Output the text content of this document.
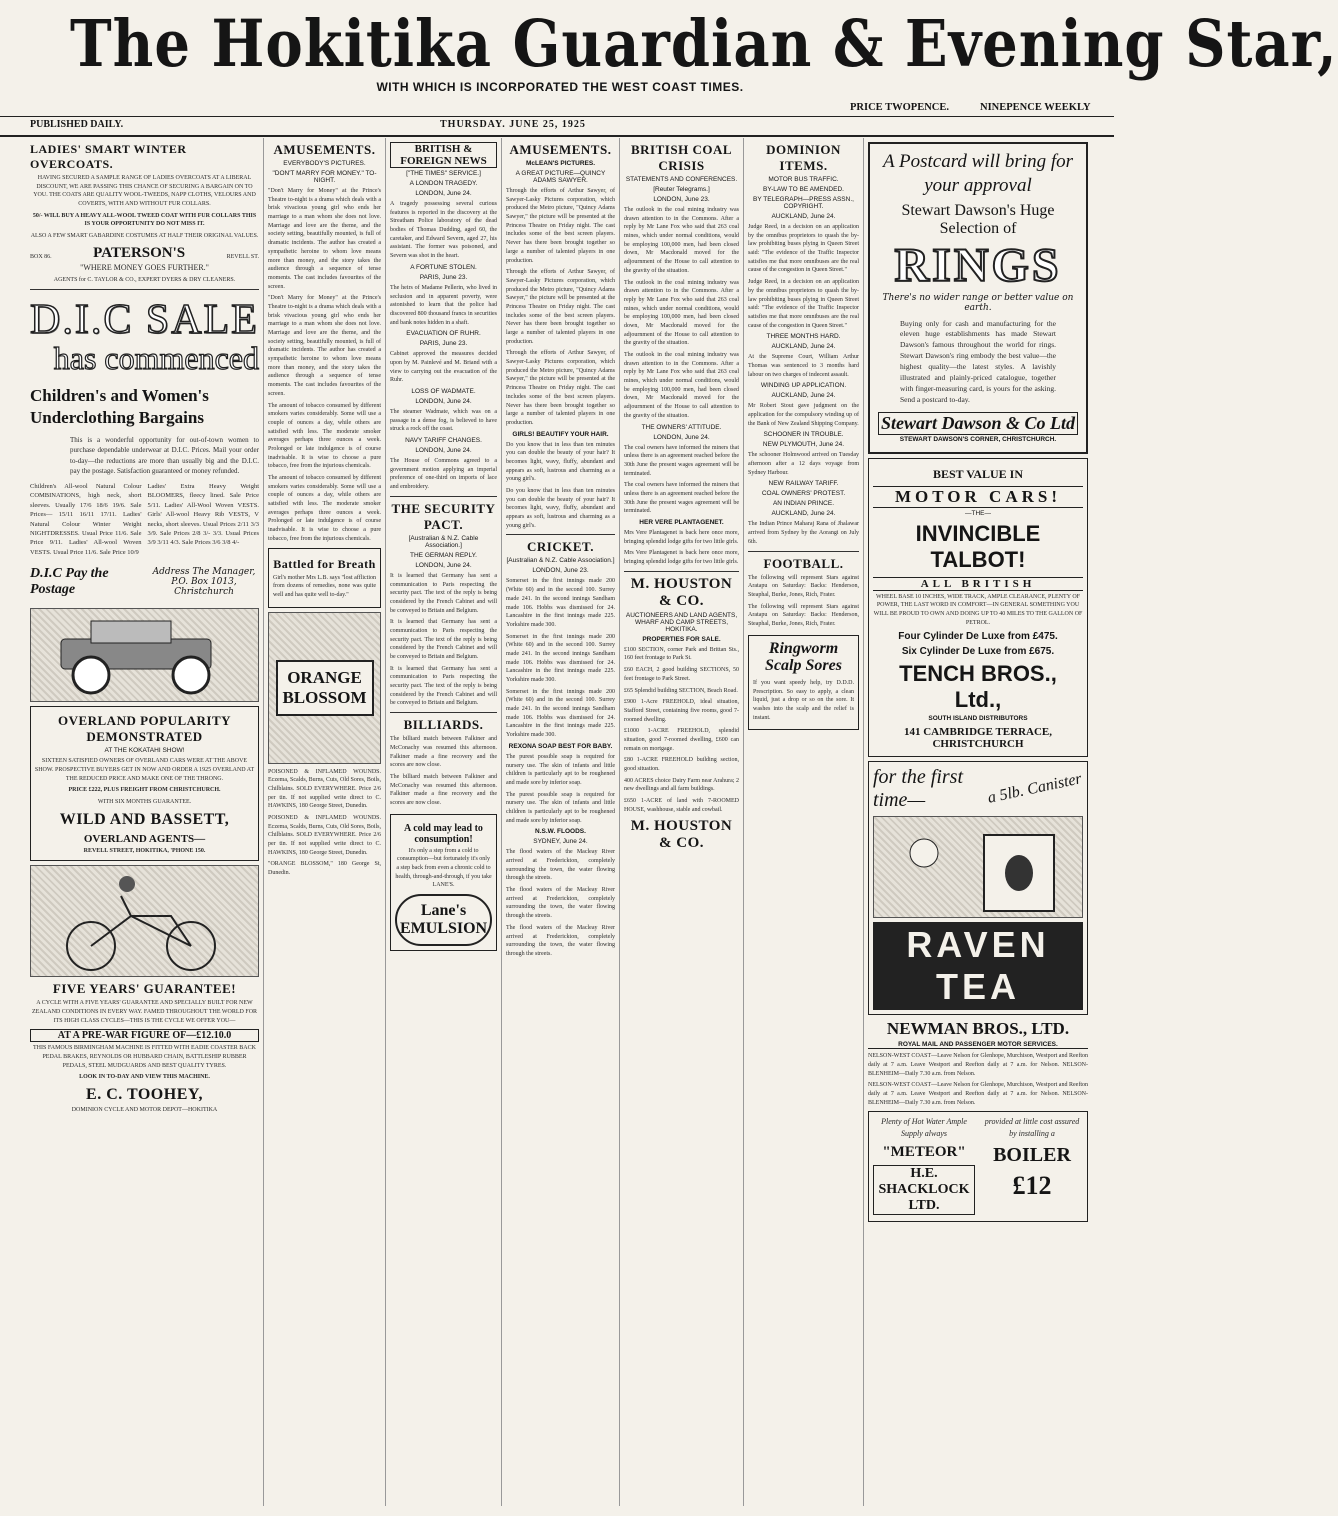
The Hokitika Guardian & Evening Star,
WITH WHICH IS INCORPORATED THE WEST COAST TIMES.
PRICE TWOPENCE.	NINEPENCE WEEKLY
PUBLISHED DAILY.	THURSDAY. JUNE 25, 1925
LADIES' SMART WINTER OVERCOATS.
HAVING SECURED A SAMPLE RANGE OF LADIES OVERCOATS AT A LIBERAL DISCOUNT, WE ARE PASSING THIS CHANCE OF SECURING A BARGAIN ON TO YOU. THE COATS ARE QUALITY WOOL-TWEEDS, NAPP CLOTHS, VELOURS AND COVERTS, WITH AND WITHOUT FUR COLLARS.
50/- WILL BUY A HEAVY ALL-WOOL TWEED COAT WITH FUR COLLARS THIS IS YOUR OPPORTUNITY DO NOT MISS IT.
ALSO A FEW SMART GABARDINE COSTUMES AT HALF THEIR ORIGINAL VALUES.
BOX 86.	PATERSON'S	REVELL ST.
"WHERE MONEY GOES FURTHER."
AGENTS for C. TAYLOR & CO., EXPERT DYERS & DRY CLEANERS.
D.I.C SALE
has commenced
Children's and Women's Underclothing Bargains
This is a wonderful opportunity for out-of-town women to purchase dependable underwear at D.I.C. Prices. Mail your order to-day—the reductions are more than usually big and the D.I.C. pay the postage. Satisfaction guaranteed or money refunded.
Children's All-wool Natural Colour COMBINATIONS, high neck, short sleeves. Usually 17/6 18/6 19/6. Sale Prices— 15/11 16/11 17/11. Ladies' Natural Colour Winter Weight NIGHTDRESSES. Usual Price 11/6. Sale Price 9/11. Ladies' All-wool Woven VESTS. Usual Price 11/6. Sale Price 10/9
Ladies' Extra Heavy Weight BLOOMERS, fleecy lined. Sale Price 5/11. Ladies' All-Wool Woven VESTS. Girls' All-wool Heavy Rib VESTS, V necks, short sleeves. Usual Prices 2/11 3/3 3/9. Sale Prices 2/8 3/- 3/3. Usual Prices 3/9 3/11 4/3. Sale Prices 3/6 3/8 4/-
D.I.C Pay the Postage
Address The Manager, P.O. Box 1013, Christchurch
OVERLAND POPULARITY DEMONSTRATED
AT THE KOKATAHI SHOW!
SIXTEEN SATISFIED OWNERS OF OVERLAND CARS WERE AT THE ABOVE SHOW. PROSPECTIVE BUYERS GET IN NOW AND ORDER A 1925 OVERLAND AT THE REDUCED PRICE AND MAKE ONE OF THE THRONG.
PRICE £222, PLUS FREIGHT FROM CHRISTCHURCH.
WITH SIX MONTHS GUARANTEE.
WILD AND BASSETT,
OVERLAND AGENTS—
REVELL STREET, HOKITIKA, 'PHONE 150.
FIVE YEARS' GUARANTEE!
A CYCLE WITH A FIVE YEARS' GUARANTEE AND SPECIALLY BUILT FOR NEW ZEALAND CONDITIONS IN EVERY WAY. FAMED THROUGHOUT THE WORLD FOR ITS HIGH CLASS CYCLES—THIS IS THE CYCLE WE OFFER YOU—
AT A PRE-WAR FIGURE OF—£12.10.0
THIS FAMOUS BIRMINGHAM MACHINE IS FITTED WITH EADIE COASTER BACK PEDAL BRAKES, REYNOLDS OR HUBBARD CHAIN, BATTLESHIP RUBBER PEDALS, STEEL MUDGUARDS AND BEST QUALITY TYRES.
LOOK IN TO-DAY AND VIEW THIS MACHINE.
E. C. TOOHEY,
DOMINION CYCLE AND MOTOR DEPOT—HOKITIKA
AMUSEMENTS.
EVERYBODY'S PICTURES.
"DON'T MARRY FOR MONEY." TO-NIGHT.
"Don't Marry for Money" at the Prince's Theatre to-night is a drama which deals with a brisk vivacious young girl who ends her marriage to a man whom she does not love. Marriage and love are the theme, and the society setting, beautifully mounted, is full of dramatic incidents. The author has created a sympathetic heroine to whom love means more than money, and the story takes the audience through a sequence of tense moments. The cast includes favourites of the screen.
"Don't Marry for Money" at the Prince's Theatre to-night is a drama which deals with a brisk vivacious young girl who ends her marriage to a man whom she does not love. Marriage and love are the theme, and the society setting, beautifully mounted, is full of dramatic incidents. The author has created a sympathetic heroine to whom love means more than money, and the story takes the audience through a sequence of tense moments. The cast includes favourites of the screen.
The amount of tobacco consumed by different smokers varies considerably. Some will use a couple of ounces a day, while others are satisfied with less. The moderate smoker averages perhaps three ounces a week. Prolonged or late indulgence is of course inadvisable. It is wise to choose a pure tobacco, free from the injurious chemicals.
The amount of tobacco consumed by different smokers varies considerably. Some will use a couple of ounces a day, while others are satisfied with less. The moderate smoker averages perhaps three ounces a week. Prolonged or late indulgence is of course inadvisable. It is wise to choose a pure tobacco, free from the injurious chemicals.
Battled for Breath
Girl's mother Mrs L.B. says "lost affliction from dozens of remedies, none was quite well and has quite well to-day."
ORANGE BLOSSOM
POISONED & INFLAMED WOUNDS. Eczema, Scalds, Burns, Cuts, Old Sores, Boils, Chilblains. SOLD EVERYWHERE. Price 2/6 per tin. If not supplied write direct to C. HAWKINS, 180 George Street, Dunedin.
POISONED & INFLAMED WOUNDS. Eczema, Scalds, Burns, Cuts, Old Sores, Boils, Chilblains. SOLD EVERYWHERE. Price 2/6 per tin. If not supplied write direct to C. HAWKINS, 180 George Street, Dunedin.
"ORANGE BLOSSOM," 180 George St, Dunedin.
BRITISH & FOREIGN NEWS
["THE TIMES" SERVICE.]
A LONDON TRAGEDY.
LONDON, June 24.
A tragedy possessing several curious features is reported in the discovery at the Streatham Police laboratory of the dead bodies of Thomas Dudding, aged 60, the caretaker, and Edward Severn, aged 27, his assistant. The former was poisoned, and Severn was shot in the heart.
A FORTUNE STOLEN.
PARIS, June 23.
The heirs of Madame Pellerin, who lived in seclusion and in apparent poverty, were astonished to learn that the police had discovered 800 thousand francs in securities and bank notes hidden in a shaft.
EVACUATION OF RUHR.
PARIS, June 23.
Cabinet approved the measures decided upon by M. Painlevé and M. Briand with a view to carrying out the evacuation of the Ruhr.
LOSS OF WADMATE.
LONDON, June 24.
The steamer Wadmate, which was on a passage in a dense fog, is believed to have struck a rock off the coast.
NAVY TARIFF CHANGES.
LONDON, June 24.
The House of Commons agreed to a government motion applying an imperial preference of one-third on imports of lace and embroidery.
THE SECURITY PACT.
[Australian & N.Z. Cable Association.]
THE GERMAN REPLY.
LONDON, June 24.
It is learned that Germany has sent a communication to Paris respecting the security pact. The text of the reply is being considered by the French Cabinet and will be conveyed to Britain and Belgium.
It is learned that Germany has sent a communication to Paris respecting the security pact. The text of the reply is being considered by the French Cabinet and will be conveyed to Britain and Belgium.
It is learned that Germany has sent a communication to Paris respecting the security pact. The text of the reply is being considered by the French Cabinet and will be conveyed to Britain and Belgium.
BILLIARDS.
The billiard match between Falkiner and McConachy was resumed this afternoon. Falkiner made a fine recovery and the scores are now close.
The billiard match between Falkiner and McConachy was resumed this afternoon. Falkiner made a fine recovery and the scores are now close.
A cold may lead to consumption!
It's only a step from a cold to consumption—but fortunately it's only a step back from even a chronic cold to health, through-and-through, if you take LANE'S.
Lane's EMULSION
AMUSEMENTS.
McLEAN'S PICTURES.
A GREAT PICTURE—QUINCY ADAMS SAWYER.
Through the efforts of Arthur Sawyer, of Sawyer-Lasky Pictures corporation, which produced the Metro picture, "Quincy Adams Sawyer," the picture will be presented at the Princess Theatre on Friday night. The cast includes some of the best screen players. Never has there been brought together so large a number of talented players in one production.
Through the efforts of Arthur Sawyer, of Sawyer-Lasky Pictures corporation, which produced the Metro picture, "Quincy Adams Sawyer," the picture will be presented at the Princess Theatre on Friday night. The cast includes some of the best screen players. Never has there been brought together so large a number of talented players in one production.
Through the efforts of Arthur Sawyer, of Sawyer-Lasky Pictures corporation, which produced the Metro picture, "Quincy Adams Sawyer," the picture will be presented at the Princess Theatre on Friday night. The cast includes some of the best screen players. Never has there been brought together so large a number of talented players in one production.
GIRLS! BEAUTIFY YOUR HAIR.
Do you know that in less than ten minutes you can double the beauty of your hair? It becomes light, wavy, fluffy, abundant and appears as soft, lustrous and charming as a young girl's.
Do you know that in less than ten minutes you can double the beauty of your hair? It becomes light, wavy, fluffy, abundant and appears as soft, lustrous and charming as a young girl's.
CRICKET.
[Australian & N.Z. Cable Association.]
LONDON, June 23.
Somerset in the first innings made 200 (White 60) and in the second 100. Surrey made 241. In the second innings Sandham made 106. Hobbs was dismissed for 24. Lancashire in the first innings made 225. Yorkshire made 300.
Somerset in the first innings made 200 (White 60) and in the second 100. Surrey made 241. In the second innings Sandham made 106. Hobbs was dismissed for 24. Lancashire in the first innings made 225. Yorkshire made 300.
Somerset in the first innings made 200 (White 60) and in the second 100. Surrey made 241. In the second innings Sandham made 106. Hobbs was dismissed for 24. Lancashire in the first innings made 225. Yorkshire made 300.
REXONA SOAP BEST FOR BABY.
The purest possible soap is required for nursery use. The skin of infants and little children is particularly apt to be roughened and made sore by inferior soap.
The purest possible soap is required for nursery use. The skin of infants and little children is particularly apt to be roughened and made sore by inferior soap.
N.S.W. FLOODS.
SYDNEY, June 24.
The flood waters of the Macleay River arrived at Frederickton, completely surrounding the town, the water flowing through the streets.
The flood waters of the Macleay River arrived at Frederickton, completely surrounding the town, the water flowing through the streets.
The flood waters of the Macleay River arrived at Frederickton, completely surrounding the town, the water flowing through the streets.
BRITISH COAL CRISIS
STATEMENTS AND CONFERENCES.
[Reuter Telegrams.]
LONDON, June 23.
The outlook in the coal mining industry was drawn attention to in the Commons. After a reply by Mr Lane Fox who said that 263 coal mines, which under normal conditions, would be employing 100,000 men, had been closed down, Mr Macdonald moved for the adjournment of the House to call attention to the gravity of the situation.
The outlook in the coal mining industry was drawn attention to in the Commons. After a reply by Mr Lane Fox who said that 263 coal mines, which under normal conditions, would be employing 100,000 men, had been closed down, Mr Macdonald moved for the adjournment of the House to call attention to the gravity of the situation.
The outlook in the coal mining industry was drawn attention to in the Commons. After a reply by Mr Lane Fox who said that 263 coal mines, which under normal conditions, would be employing 100,000 men, had been closed down, Mr Macdonald moved for the adjournment of the House to call attention to the gravity of the situation.
THE OWNERS' ATTITUDE.
LONDON, June 24.
The coal owners have informed the miners that unless there is an agreement reached before the 30th June the present wages agreement will be terminated.
The coal owners have informed the miners that unless there is an agreement reached before the 30th June the present wages agreement will be terminated.
HER VERE PLANTAGENET.
Mrs Vere Plantagenet is back here once more, bringing splendid lodge gifts for two little girls.
Mrs Vere Plantagenet is back here once more, bringing splendid lodge gifts for two little girls.
M. HOUSTON & CO.
AUCTIONEERS AND LAND AGENTS, WHARF AND CAMP STREETS, HOKITIKA.
PROPERTIES FOR SALE.
£100 SECTION, corner Park and Brittan Sts., 160 feet frontage to Park St.
£60 EACH, 2 good building SECTIONS, 50 feet frontage to Park Street.
£65 Splendid building SECTION, Beach Road.
£900 1-Acre FREEHOLD, ideal situation, Stafford Street, containing five rooms, good 7-roomed dwelling.
£1000 1-ACRE FREEHOLD, splendid situation, good 7-roomed dwelling, £600 can remain on mortgage.
£80 1-ACRE FREEHOLD building section, good situation.
400 ACRES choice Dairy Farm near Arahura; 2 new dwellings and all farm buildings.
£650 1-ACRE of land with 7-ROOMED HOUSE, washhouse, stable and cowbail.
M. HOUSTON & CO.
DOMINION ITEMS.
MOTOR BUS TRAFFIC.
BY-LAW TO BE AMENDED.
BY TELEGRAPH—PRESS ASSN., COPYRIGHT.
AUCKLAND, June 24.
Judge Reed, in a decision on an application by the omnibus proprietors to quash the by-law prohibiting buses plying in Queen Street said: "The evidence of the Traffic Inspector satisfies me that more omnibuses are the real cause of the congestion in Queen Street."
Judge Reed, in a decision on an application by the omnibus proprietors to quash the by-law prohibiting buses plying in Queen Street said: "The evidence of the Traffic Inspector satisfies me that more omnibuses are the real cause of the congestion in Queen Street."
THREE MONTHS HARD.
AUCKLAND, June 24.
At the Supreme Court, William Arthur Thomas was sentenced to 3 months hard labour on two charges of indecent assault.
WINDING UP APPLICATION.
AUCKLAND, June 24.
Mr Robert Stout gave judgment on the application for the compulsory winding up of the Bank of New Zealand Shipping Company.
SCHOONER IN TROUBLE.
NEW PLYMOUTH, June 24.
The schooner Holmwood arrived on Tuesday afternoon after a 12 days voyage from Sydney Harbour.
NEW RAILWAY TARIFF.
COAL OWNERS' PROTEST.
AN INDIAN PRINCE.
AUCKLAND, June 24.
The Indian Prince Maharaj Rana of Jhalawar arrived from Sydney by the Aorangi on July 6th.
FOOTBALL.
The following will represent Stars against Aratapu on Saturday: Backs: Henderson, Steaphal, Burke, Jones, Rich, Frater.
The following will represent Stars against Aratapu on Saturday: Backs: Henderson, Steaphal, Burke, Jones, Rich, Frater.
Ringworm Scalp Sores
If you want speedy help, try D.D.D. Prescription. So easy to apply, a clean liquid, just a drop or so on the sore. It washes into the scalp and the relief is instant.
A Postcard will bring for your approval
Stewart Dawson's Huge Selection of
RINGS
There's no wider range or better value on earth.
Buying only for cash and manufacturing for the eleven huge establishments has made Stewart Dawson's famous throughout the world for rings. Stewart Dawson's ring embody the best value—the highest quality—the latest styles. A lavishly illustrated and plainly-priced catalogue, together with finger-measuring card, is yours for the asking. Send a postcard to-day.
Stewart Dawson & Co Ltd
STEWART DAWSON'S CORNER, CHRISTCHURCH.
BEST VALUE IN
MOTOR CARS!
—THE—
INVINCIBLE TALBOT!
ALL BRITISH
WHEEL BASE 10 INCHES, WIDE TRACK, AMPLE CLEARANCE, PLENTY OF POWER, THE LAST WORD IN COMFORT—IN GENERAL SOMETHING YOU WILL BE PROUD TO OWN AND DOING UP TO 40 MILES TO THE GALLON OF PETROL.
Four Cylinder De Luxe from £475.
Six Cylinder De Luxe from £675.
TENCH BROS., Ltd.,
SOUTH ISLAND DISTRIBUTORS
141 CAMBRIDGE TERRACE, CHRISTCHURCH
for the first time—	a 5lb. Canister
RAVEN TEA
NEWMAN BROS., LTD.
ROYAL MAIL AND PASSENGER MOTOR SERVICES.
NELSON-WEST COAST—Leave Nelson for Glenhope, Murchison, Westport and Reefton daily at 7 a.m. Leave Westport and Reefton daily at 7 a.m. for Nelson. NELSON-BLENHEIM—Daily 7.30 a.m. from Nelson.
NELSON-WEST COAST—Leave Nelson for Glenhope, Murchison, Westport and Reefton daily at 7 a.m. Leave Westport and Reefton daily at 7 a.m. for Nelson. NELSON-BLENHEIM—Daily 7.30 a.m. from Nelson.
Plenty of Hot Water Ample Supply always
"METEOR"
H.E. SHACKLOCK LTD.
provided at little cost assured by installing a
BOILER
£12
